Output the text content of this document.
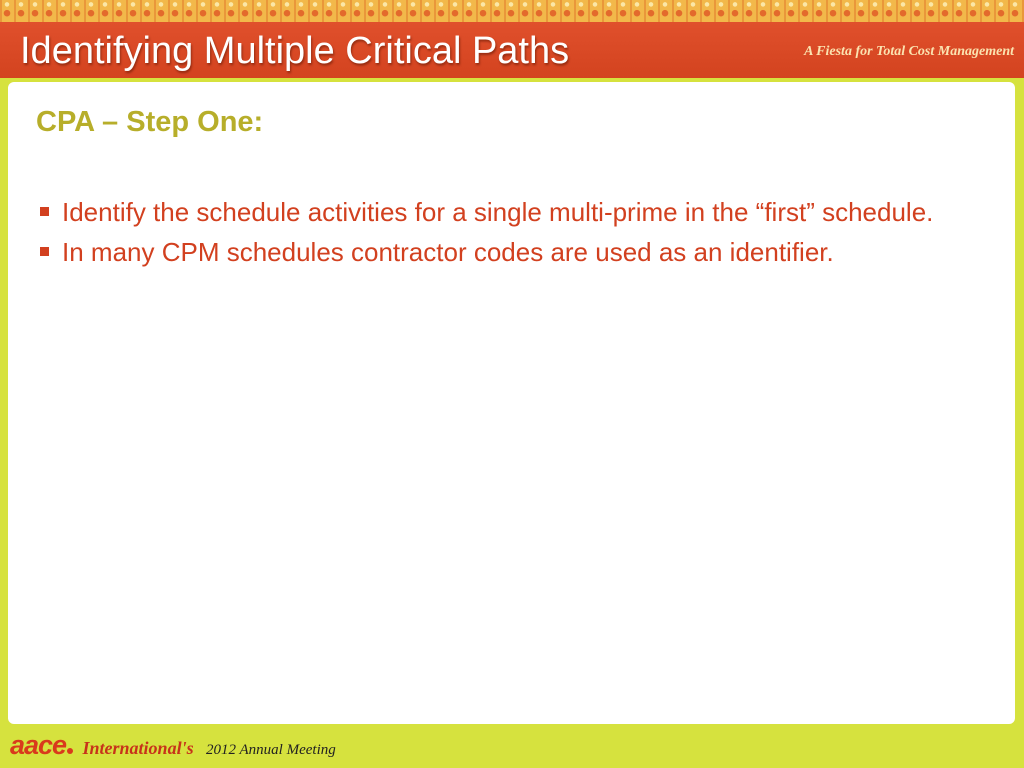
Identifying Multiple Critical Paths	A Fiesta for Total Cost Management
CPA – Step One:
Identify the schedule activities for a single multi-prime in the “first” schedule.
In many CPM schedules contractor codes are used as an identifier.
aace International's 2012 Annual Meeting
